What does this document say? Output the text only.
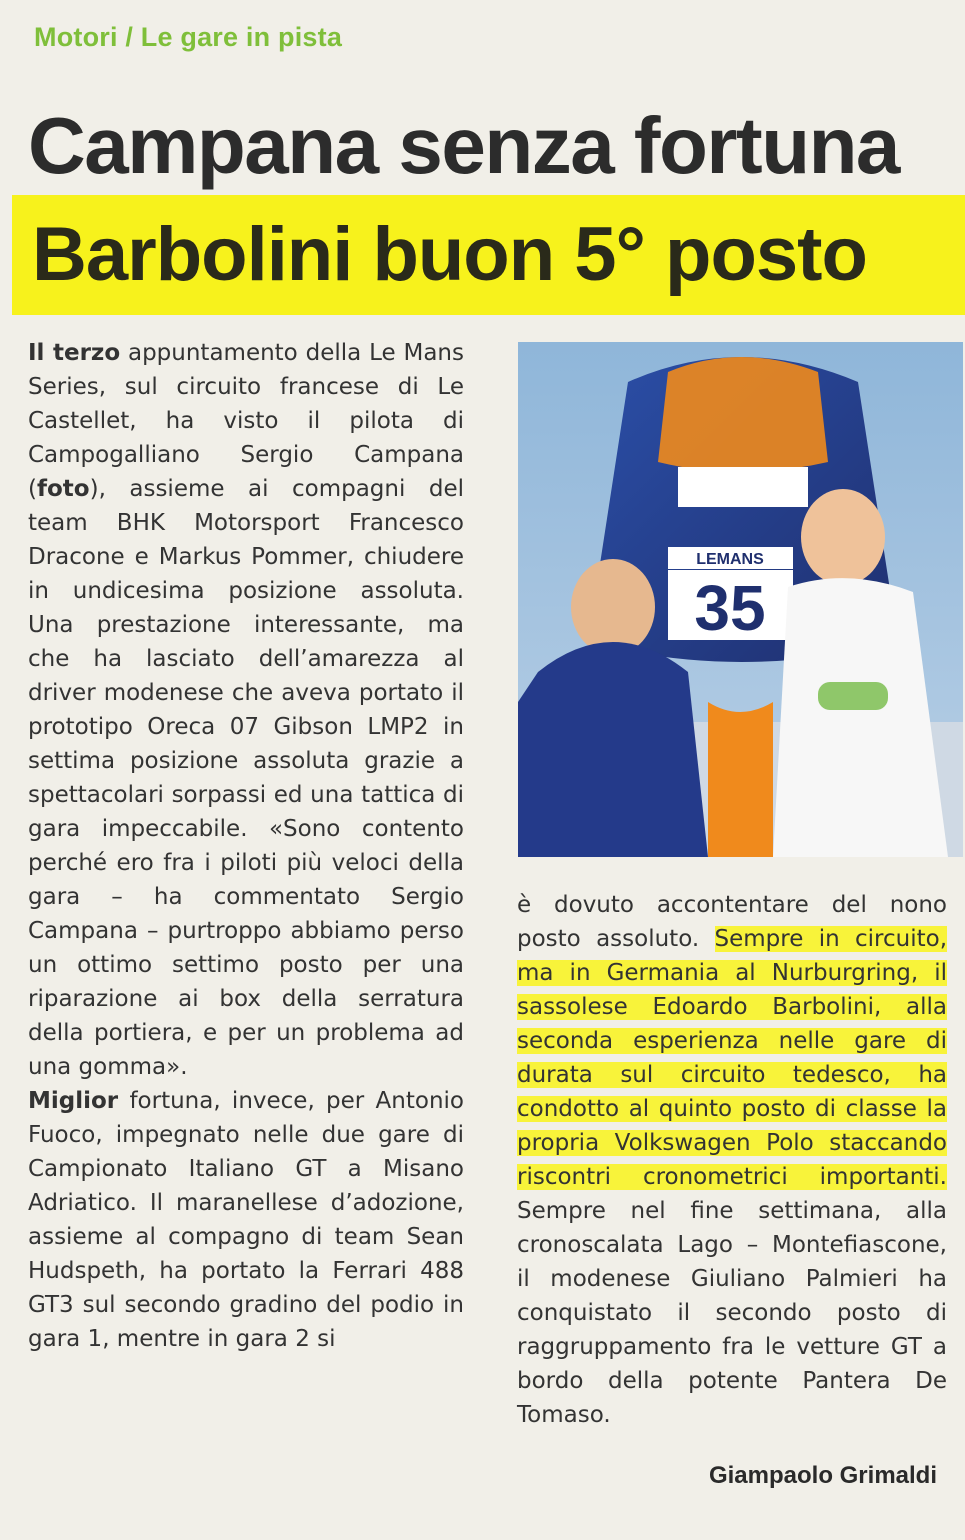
Motori / Le gare in pista
Campana senza fortuna
Barbolini buon 5° posto

Il terzo appuntamento della Le Mans Series, sul circuito francese di Le Castellet, ha visto il pilota di Campogalliano Sergio Campana (foto), assieme ai compagni del team BHK Motorsport Francesco Dracone e Markus Pommer, chiudere in undicesima posizione assoluta. Una prestazione interessante, ma che ha lasciato dell’amarezza al driver modenese che aveva portato il prototipo Oreca 07 Gibson LMP2 in settima posizione assoluta grazie a spettacolari sorpassi ed una tattica di gara impeccabile. «Sono contento perché ero fra i piloti più veloci della gara – ha commentato Sergio Campana – purtroppo abbiamo perso un ottimo settimo posto per una riparazione ai box della serratura della portiera, e per un problema ad una gomma».

Miglior fortuna, invece, per Antonio Fuoco, impegnato nelle due gare di Campionato Italiano GT a Misano Adriatico. Il maranellese d’adozione, assieme al compagno di team Sean Hudspeth, ha portato la Ferrari 488 GT3 sul secondo gradino del podio in gara 1, mentre in gara 2 si

LEMANS
35

è dovuto accontentare del nono posto assoluto. Sempre in circuito, ma in Germania al Nurburgring, il sassolese Edoardo Barbolini, alla seconda esperienza nelle gare di durata sul circuito tedesco, ha condotto al quinto posto di classe la propria Volkswagen Polo staccando riscontri cronometrici importanti. Sempre nel fine settimana, alla cronoscalata Lago – Montefiascone, il modenese Giuliano Palmieri ha conquistato il secondo posto di raggruppamento fra le vetture GT a bordo della potente Pantera De Tomaso.

Giampaolo Grimaldi
